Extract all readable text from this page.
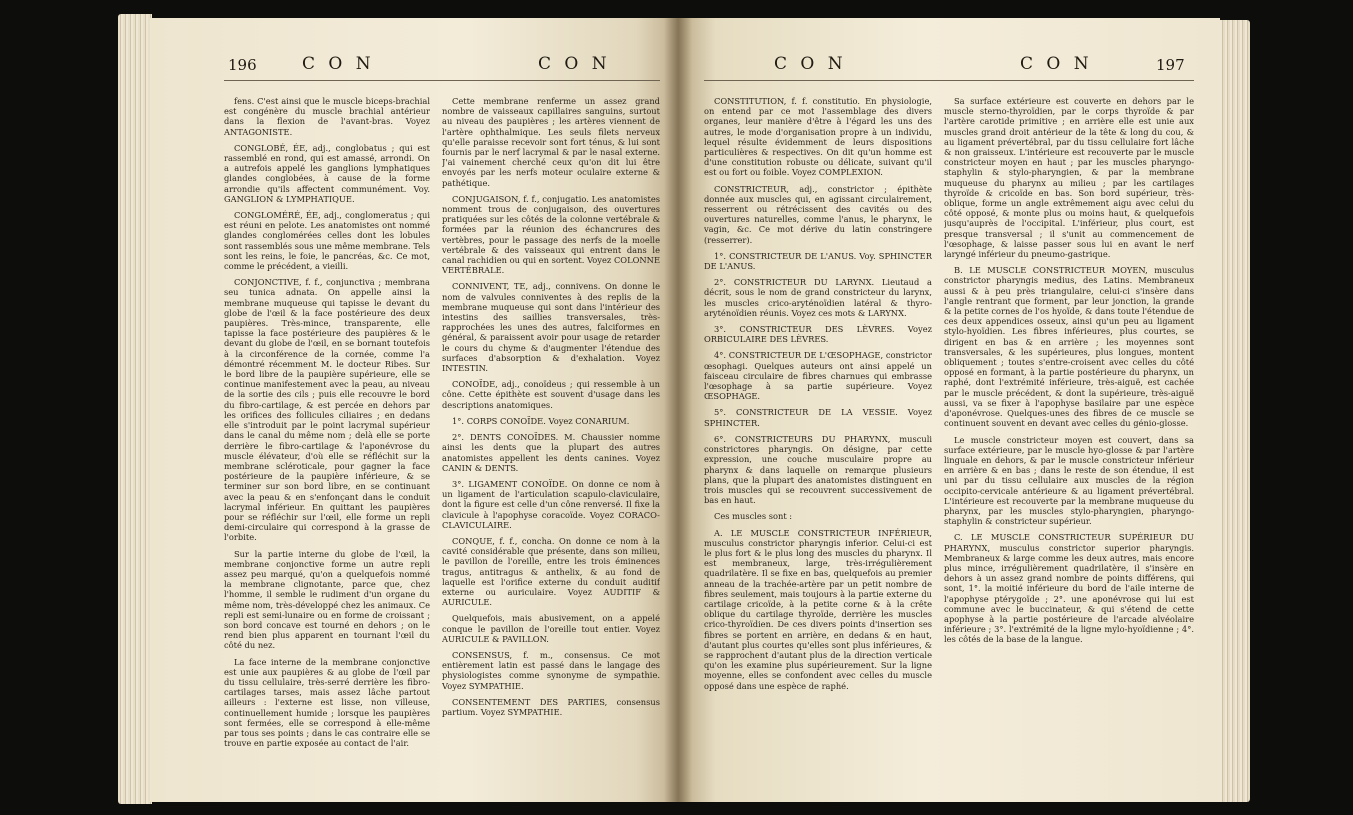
196	C O N	C O N

fens. C'est ainsi que le muscle biceps-brachial est congénère du muscle brachial antérieur dans la flexion de l'avant-bras. Voyez ANTAGONISTE.

CONGLOBÉ, ÉE, adj., conglobatus ; qui est rassemblé en rond, qui est amassé, arrondi. On a autrefois appelé les ganglions lymphatiques glandes conglobées, à cause de la forme arrondie qu'ils affectent communément. Voy. GANGLION & LYMPHATIQUE.

CONGLOMÉRÉ, ÉE, adj., conglomeratus ; qui est réuni en pelote. Les anatomistes ont nommé glandes conglomérées celles dont les lobules sont rassemblés sous une même membrane. Tels sont les reins, le foie, le pancréas, &c. Ce mot, comme le précédent, a vieilli.

CONJONCTIVE, f. f., conjunctiva ; membrana seu tunica adnata. On appelle ainsi la membrane muqueuse qui tapisse le devant du globe de l'œil & la face postérieure des deux paupières. Très-mince, transparente, elle tapisse la face postérieure des paupières & le devant du globe de l'œil, en se bornant toutefois à la circonférence de la cornée, comme l'a démontré récemment M. le docteur Ribes. Sur le bord libre de la paupière supérieure, elle se continue manifestement avec la peau, au niveau de la sortie des cils ; puis elle recouvre le bord du fibro-cartilage, & est percée en dehors par les orifices des follicules ciliaires ; en dedans elle s'introduit par le point lacrymal supérieur dans le canal du même nom ; delà elle se porte derrière le fibro-cartilage & l'aponévrose du muscle élévateur, d'où elle se réfléchit sur la membrane scléroticale, pour gagner la face postérieure de la paupière inférieure, & se terminer sur son bord libre, en se continuant avec la peau & en s'enfonçant dans le conduit lacrymal inférieur. En quittant les paupières pour se réfléchir sur l'œil, elle forme un repli demi-circulaire qui correspond à la grasse de l'orbite.

Sur la partie interne du globe de l'œil, la membrane conjonctive forme un autre repli assez peu marqué, qu'on a quelquefois nommé la membrane clignotante, parce que, chez l'homme, il semble le rudiment d'un organe du même nom, très-développé chez les animaux. Ce repli est semi-lunaire ou en forme de croissant ; son bord concave est tourné en dehors ; on le rend bien plus apparent en tournant l'œil du côté du nez.

La face interne de la membrane conjonctive est unie aux paupières & au globe de l'œil par du tissu cellulaire, très-serré derrière les fibro-cartilages tarses, mais assez lâche partout ailleurs : l'externe est lisse, non villeuse, continuellement humide ; lorsque les paupières sont fermées, elle se correspond à elle-même par tous ses points ; dans le cas contraire elle se trouve en partie exposée au contact de l'air.

Cette membrane renferme un assez grand nombre de vaisseaux capillaires sanguins, surtout au niveau des paupières ; les artères viennent de l'artère ophthalmique. Les seuls filets nerveux qu'elle paraisse recevoir sont fort ténus, & lui sont fournis par le nerf lacrymal & par le nasal externe. J'ai vainement cherché ceux qu'on dit lui être envoyés par les nerfs moteur oculaire externe & pathétique.

CONJUGAISON, f. f., conjugatio. Les anatomistes nomment trous de conjugaison, des ouvertures pratiquées sur les côtés de la colonne vertébrale & formées par la réunion des échancrures des vertèbres, pour le passage des nerfs de la moelle vertébrale & des vaisseaux qui entrent dans le canal rachidien ou qui en sortent. Voyez COLONNE VERTÉBRALE.

CONNIVENT, TE, adj., connivens. On donne le nom de valvules conniventes à des replis de la membrane muqueuse qui sont dans l'intérieur des intestins des saillies transversales, très-rapprochées les unes des autres, falciformes en général, & paraissent avoir pour usage de retarder le cours du chyme & d'augmenter l'étendue des surfaces d'absorption & d'exhalation. Voyez INTESTIN.

CONOÏDE, adj., conoïdeus ; qui ressemble à un cône. Cette épithète est souvent d'usage dans les descriptions anatomiques.

1°. CORPS CONOÏDE. Voyez CONARIUM.

2°. DENTS CONOÏDES. M. Chaussier nomme ainsi les dents que la plupart des autres anatomistes appellent les dents canines. Voyez CANIN & DENTS.

3°. LIGAMENT CONOÏDE. On donne ce nom à un ligament de l'articulation scapulo-claviculaire, dont la figure est celle d'un cône renversé. Il fixe la clavicule à l'apophyse coracoïde. Voyez CORACO-CLAVICULAIRE.

CONQUE, f. f., concha. On donne ce nom à la cavité considérable que présente, dans son milieu, le pavillon de l'oreille, entre les trois éminences tragus, antitragus & anthelix, & au fond de laquelle est l'orifice externe du conduit auditif externe ou auriculaire. Voyez AUDITIF & AURICULE.

Quelquefois, mais abusivement, on a appelé conque le pavillon de l'oreille tout entier. Voyez AURICULE & PAVILLON.

CONSENSUS, f. m., consensus. Ce mot entièrement latin est passé dans le langage des physiologistes comme synonyme de sympathie. Voyez SYMPATHIE.

CONSENTEMENT DES PARTIES, consensus partium. Voyez SYMPATHIE.

C O N	C O N	197

CONSTITUTION, f. f. constitutio. En physiologie, on entend par ce mot l'assemblage des divers organes, leur manière d'être à l'égard les uns des autres, le mode d'organisation propre à un individu, lequel résulte évidemment de leurs dispositions particulières & respectives. On dit qu'un homme est d'une constitution robuste ou délicate, suivant qu'il est ou fort ou foible. Voyez COMPLEXION.

CONSTRICTEUR, adj., constrictor ; épithète donnée aux muscles qui, en agissant circulairement, resserrent ou rétrécissent des cavités ou des ouvertures naturelles, comme l'anus, le pharynx, le vagin, &c. Ce mot dérive du latin constringere (resserrer).

1°. CONSTRICTEUR DE L'ANUS. Voy. SPHINCTER DE L'ANUS.

2°. CONSTRICTEUR DU LARYNX. Lieutaud a décrit, sous le nom de grand constricteur du larynx, les muscles crico-aryténoïdien latéral & thyro-aryténoïdien réunis. Voyez ces mots & LARYNX.

3°. CONSTRICTEUR DES LÈVRES. Voyez ORBICULAIRE DES LÈVRES.

4°. CONSTRICTEUR DE L'ŒSOPHAGE, constrictor œsophagi. Quelques auteurs ont ainsi appelé un faisceau circulaire de fibres charnues qui embrasse l'œsophage à sa partie supérieure. Voyez ŒSOPHAGE.

5°. CONSTRICTEUR DE LA VESSIE. Voyez SPHINCTER.

6°. CONSTRICTEURS DU PHARYNX, musculi constrictores pharyngis. On désigne, par cette expression, une couche musculaire propre au pharynx & dans laquelle on remarque plusieurs plans, que la plupart des anatomistes distinguent en trois muscles qui se recouvrent successivement de bas en haut.

Ces muscles sont :

A. LE MUSCLE CONSTRICTEUR INFÉRIEUR, musculus constrictor pharyngis inferior. Celui-ci est le plus fort & le plus long des muscles du pharynx. Il est membraneux, large, très-irrégulièrement quadrilatère. Il se fixe en bas, quelquefois au premier anneau de la trachée-artère par un petit nombre de fibres seulement, mais toujours à la partie externe du cartilage cricoïde, à la petite corne & à la crête oblique du cartilage thyroïde, derrière les muscles crico-thyroïdien. De ces divers points d'insertion ses fibres se portent en arrière, en dedans & en haut, d'autant plus courtes qu'elles sont plus inférieures, & se rapprochent d'autant plus de la direction verticale qu'on les examine plus supérieurement. Sur la ligne moyenne, elles se confondent avec celles du muscle opposé dans une espèce de raphé.

Sa surface extérieure est couverte en dehors par le muscle sterno-thyroïdien, par le corps thyroïde & par l'artère carotide primitive ; en arrière elle est unie aux muscles grand droit antérieur de la tête & long du cou, & au ligament prévertébral, par du tissu cellulaire fort lâche & non graisseux. L'intérieure est recouverte par le muscle constricteur moyen en haut ; par les muscles pharyngo-staphylin & stylo-pharyngien, & par la membrane muqueuse du pharynx au milieu ; par les cartilages thyroïde & cricoïde en bas. Son bord supérieur, très-oblique, forme un angle extrêmement aigu avec celui du côté opposé, & monte plus ou moins haut, & quelquefois jusqu'auprès de l'occipital. L'inférieur, plus court, est presque transversal ; il s'unit au commencement de l'œsophage, & laisse passer sous lui en avant le nerf laryngé inférieur du pneumo-gastrique.

B. LE MUSCLE CONSTRICTEUR MOYEN, musculus constrictor pharyngis medius, des Latins. Membraneux aussi & à peu près triangulaire, celui-ci s'insère dans l'angle rentrant que forment, par leur jonction, la grande & la petite cornes de l'os hyoïde, & dans toute l'étendue de ces deux appendices osseux, ainsi qu'un peu au ligament stylo-hyoïdien. Les fibres inférieures, plus courtes, se dirigent en bas & en arrière ; les moyennes sont transversales, & les supérieures, plus longues, montent obliquement ; toutes s'entre-croisent avec celles du côté opposé en formant, à la partie postérieure du pharynx, un raphé, dont l'extrémité inférieure, très-aiguë, est cachée par le muscle précédent, & dont la supérieure, très-aiguë aussi, va se fixer à l'apophyse basilaire par une espèce d'aponévrose. Quelques-unes des fibres de ce muscle se continuent souvent en devant avec celles du génio-glosse.

Le muscle constricteur moyen est couvert, dans sa surface extérieure, par le muscle hyo-glosse & par l'artère linguale en dehors, & par le muscle constricteur inférieur en arrière & en bas ; dans le reste de son étendue, il est uni par du tissu cellulaire aux muscles de la région occipito-cervicale antérieure & au ligament prévertébral. L'intérieure est recouverte par la membrane muqueuse du pharynx, par les muscles stylo-pharyngien, pharyngo-staphylin & constricteur supérieur.

C. LE MUSCLE CONSTRICTEUR SUPÉRIEUR DU PHARYNX, musculus constrictor superior pharyngis. Membraneux & large comme les deux autres, mais encore plus mince, irrégulièrement quadrilatère, il s'insère en dehors à un assez grand nombre de points différens, qui sont, 1°. la moitié inférieure du bord de l'aile interne de l'apophyse ptérygoïde ; 2°. une aponévrose qui lui est commune avec le buccinateur, & qui s'étend de cette apophyse à la partie postérieure de l'arcade alvéolaire inférieure ; 3°. l'extrémité de la ligne mylo-hyoïdienne ; 4°. les côtés de la base de la langue.
